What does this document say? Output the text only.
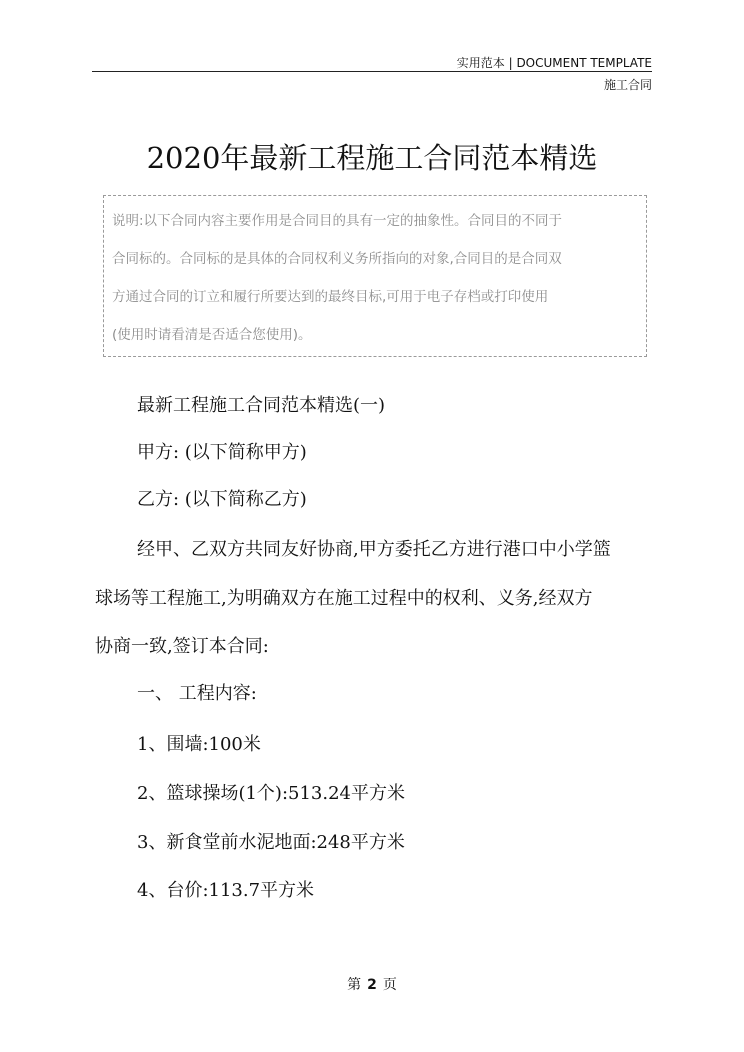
实用范本 | DOCUMENT TEMPLATE
施工合同
2020年最新工程施工合同范本精选
说明:以下合同内容主要作用是合同目的具有一定的抽象性。合同目的不同于
合同标的。合同标的是具体的合同权利义务所指向的对象,合同目的是合同双
方通过合同的订立和履行所要达到的最终目标,可用于电子存档或打印使用
(使用时请看清是否适合您使用)。
最新工程施工合同范本精选(一)
甲方: (以下简称甲方)
乙方: (以下简称乙方)
经甲、乙双方共同友好协商,甲方委托乙方进行港口中小学篮
球场等工程施工,为明确双方在施工过程中的权利、义务,经双方
协商一致,签订本合同:
一、 工程内容:
1、围墙:100米
2、篮球操场(1个):513.24平方米
3、新食堂前水泥地面:248平方米
4、台价:113.7平方米
第 2 页
